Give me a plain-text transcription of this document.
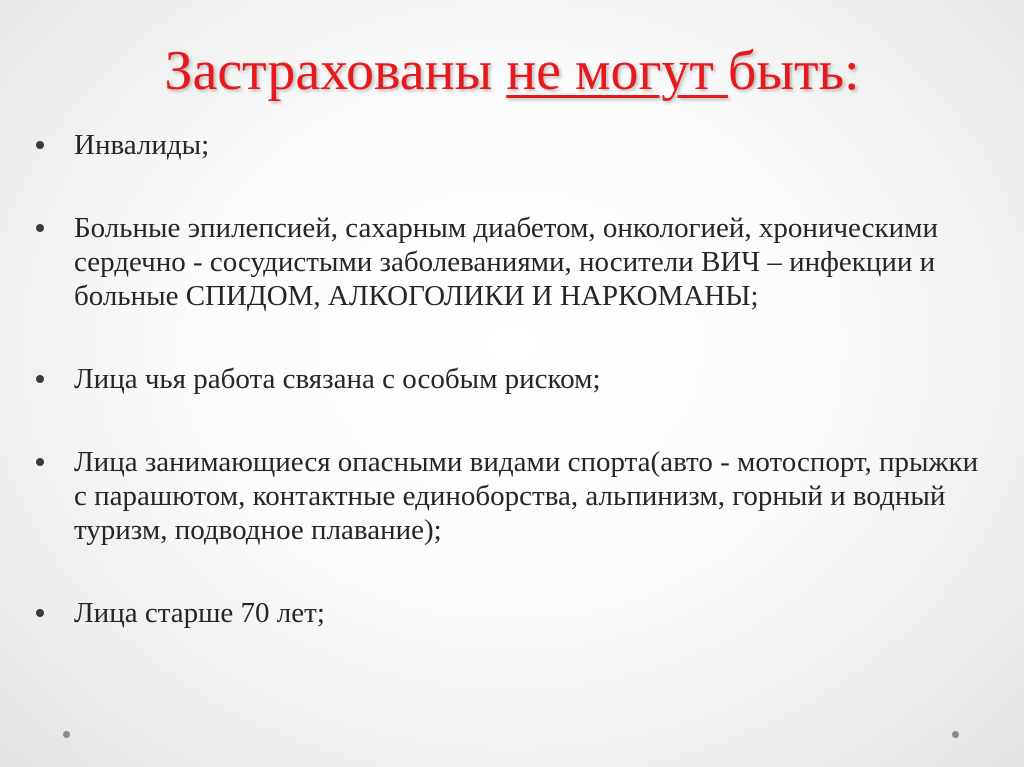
Застрахованы не могут быть:
Инвалиды;
Больные эпилепсией, сахарным диабетом, онкологией, хроническими сердечно - сосудистыми заболеваниями, носители ВИЧ – инфекции и больные СПИДОМ, АЛКОГОЛИКИ И НАРКОМАНЫ;
Лица чья работа связана с особым риском;
Лица занимающиеся опасными видами спорта(авто - мотоспорт, прыжки с парашютом, контактные единоборства, альпинизм, горный и водный туризм, подводное плавание);
Лица старше 70 лет;
